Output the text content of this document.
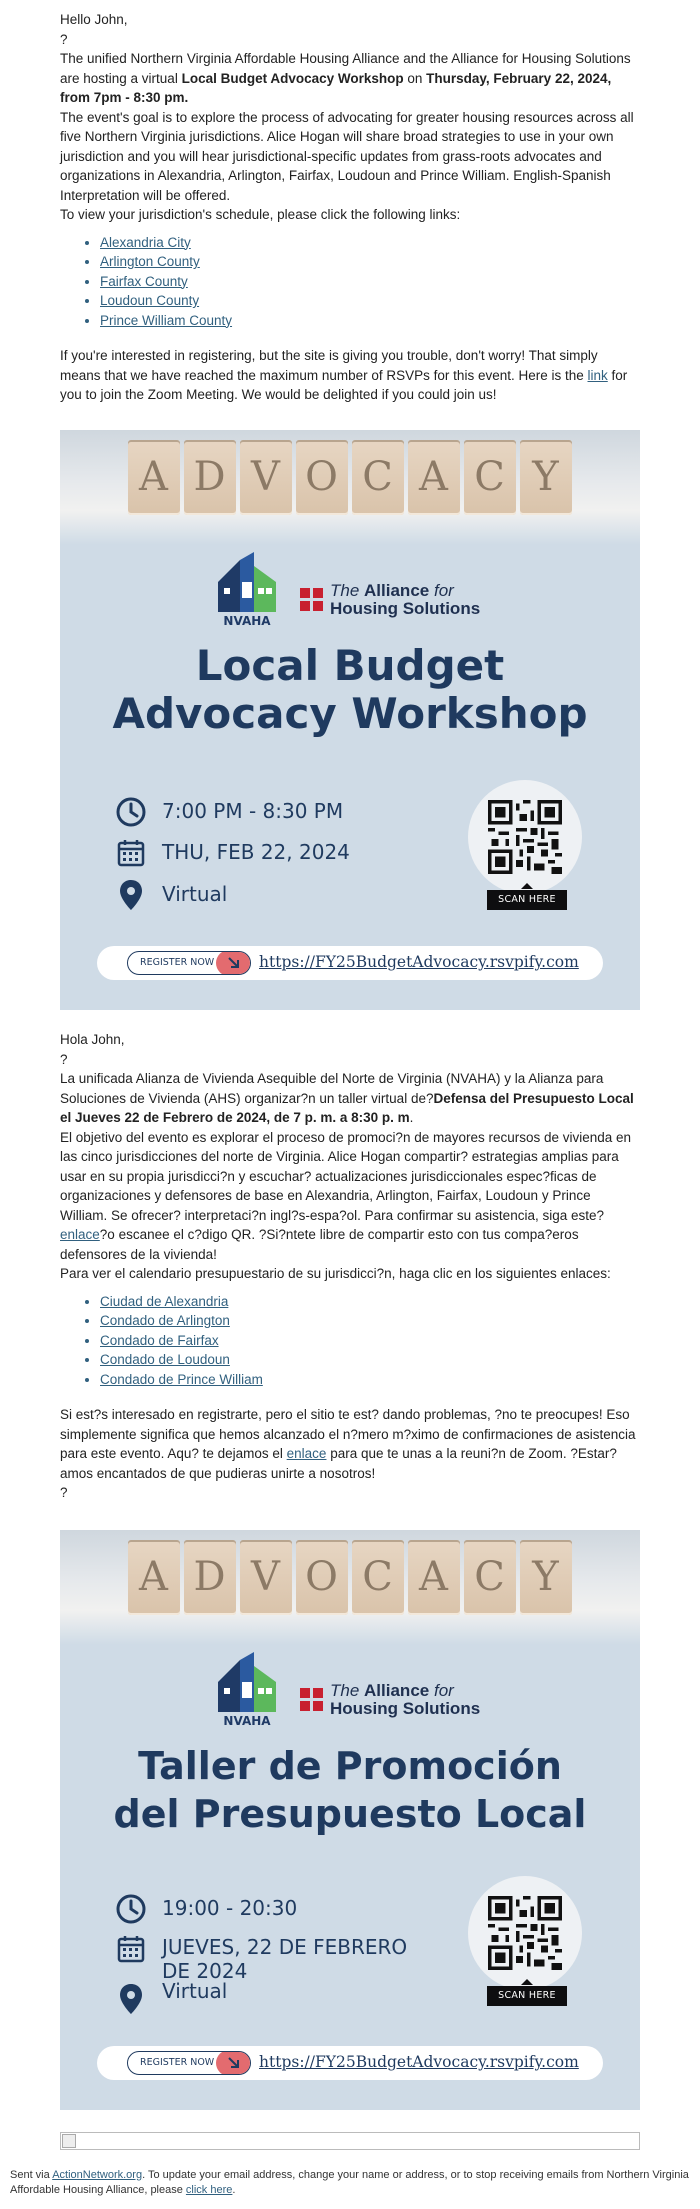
Hello John,

?

The unified Northern Virginia Affordable Housing Alliance and the Alliance for Housing Solutions are hosting a virtual Local Budget Advocacy Workshop on Thursday, February 22, 2024, from 7pm - 8:30 pm.

The event's goal is to explore the process of advocating for greater housing resources across all five Northern Virginia jurisdictions. Alice Hogan will share broad strategies to use in your own jurisdiction and you will hear jurisdictional-specific updates from grass-roots advocates and organizations in Alexandria, Arlington, Fairfax, Loudoun and Prince William. English-Spanish Interpretation will be offered.

To view your jurisdiction's schedule, please click the following links:

• Alexandria City
• Arlington County
• Fairfax County
• Loudoun County
• Prince William County

If you're interested in registering, but the site is giving you trouble, don't worry! That simply means that we have reached the maximum number of RSVPs for this event. Here is the link for you to join the Zoom Meeting. We would be delighted if you could join us!

A D V O C A C Y
NVAHA
The Alliance for
Housing Solutions
Local Budget
Advocacy Workshop
7:00 PM - 8:30 PM
THU, FEB 22, 2024
Virtual	SCAN HERE
REGISTER NOW	https://FY25BudgetAdvocacy.rsvpify.com

Hola John,

?

La unificada Alianza de Vivienda Asequible del Norte de Virginia (NVAHA) y la Alianza para Soluciones de Vivienda (AHS) organizar?n un taller virtual de?Defensa del Presupuesto Local el Jueves 22 de Febrero de 2024, de 7 p. m. a 8:30 p. m.

El objetivo del evento es explorar el proceso de promoci?n de mayores recursos de vivienda en las cinco jurisdicciones del norte de Virginia. Alice Hogan compartir? estrategias amplias para usar en su propia jurisdicci?n y escuchar? actualizaciones jurisdiccionales espec?ficas de organizaciones y defensores de base en Alexandria, Arlington, Fairfax, Loudoun y Prince William. Se ofrecer? interpretaci?n ingl?s-espa?ol. Para confirmar su asistencia, siga este?enlace?o escanee el c?digo QR. ?Si?ntete libre de compartir esto con tus compa?eros defensores de la vivienda!

Para ver el calendario presupuestario de su jurisdicci?n, haga clic en los siguientes enlaces:

• Ciudad de Alexandria
• Condado de Arlington
• Condado de Fairfax
• Condado de Loudoun
• Condado de Prince William

Si est?s interesado en registrarte, pero el sitio te est? dando problemas, ?no te preocupes! Eso simplemente significa que hemos alcanzado el n?mero m?ximo de confirmaciones de asistencia para este evento. Aqu? te dejamos el enlace para que te unas a la reuni?n de Zoom. ?Estar?amos encantados de que pudieras unirte a nosotros!

?

A D V O C A C Y
NVAHA
The Alliance for
Housing Solutions
Taller de Promoción
del Presupuesto Local
19:00 - 20:30
JUEVES, 22 DE FEBRERO DE 2024
Virtual	SCAN HERE
REGISTER NOW	https://FY25BudgetAdvocacy.rsvpify.com
Sent via ActionNetwork.org. To update your email address, change your name or address, or to stop receiving emails from Northern Virginia Affordable Housing Alliance, please click here.
